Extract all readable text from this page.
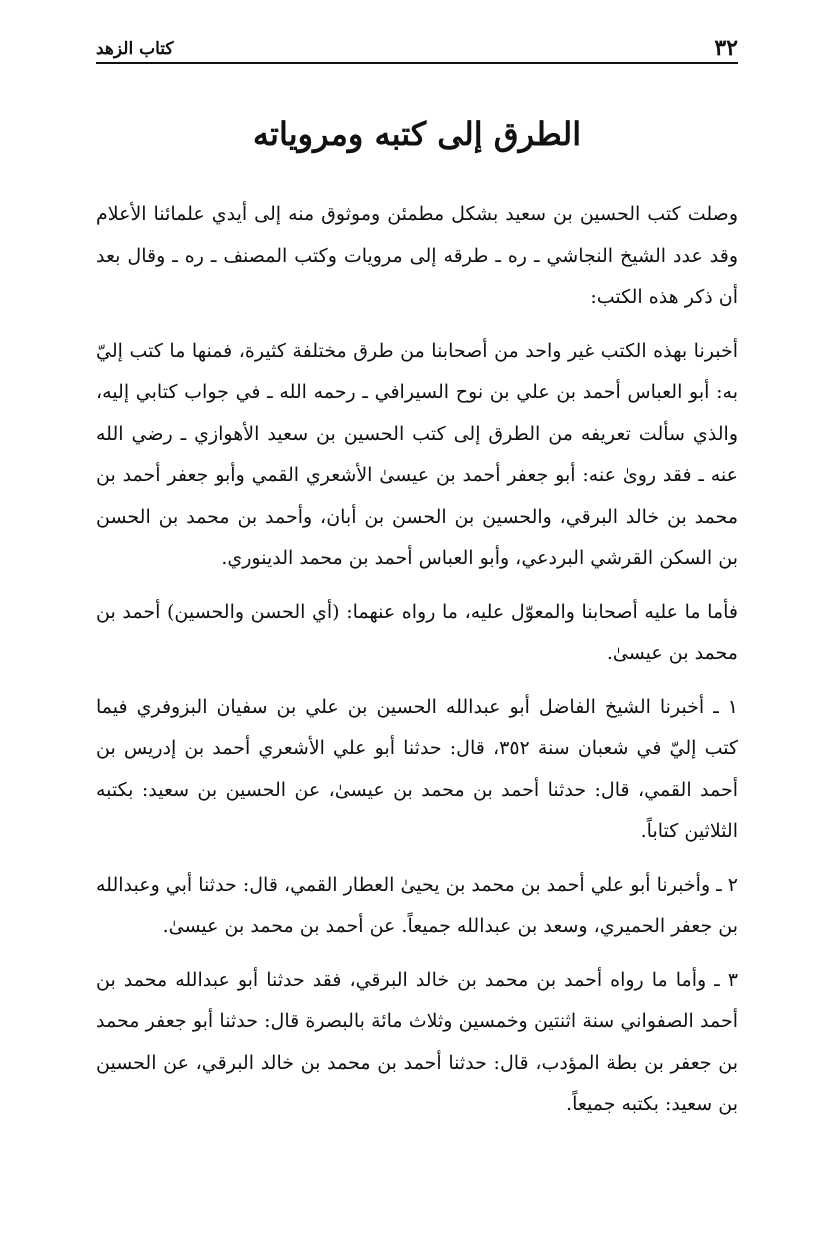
٣٢
كتاب الزهد
الطرق إلى كتبه ومروياته

وصلت كتب الحسين بن سعيد بشكل مطمئن وموثوق منه إلى أيدي علمائنا الأعلام وقد عدد الشيخ النجاشي ـ ره ـ طرقه إلى مرويات وكتب المصنف ـ ره ـ وقال بعد أن ذكر هذه الكتب:

أخبرنا بهذه الكتب غير واحد من أصحابنا من طرق مختلفة كثيرة، فمنها ما كتب إليّ به: أبو العباس أحمد بن علي بن نوح السيرافي ـ رحمه الله ـ في جواب كتابي إليه، والذي سألت تعريفه من الطرق إلى كتب الحسين بن سعيد الأهوازي ـ رضي الله عنه ـ فقد روىٰ عنه: أبو جعفر أحمد بن عيسىٰ الأشعري القمي وأبو جعفر أحمد بن محمد بن خالد البرقي، والحسين بن الحسن بن أبان، وأحمد بن محمد بن الحسن بن السكن القرشي البردعي، وأبو العباس أحمد بن محمد الدينوري.

فأما ما عليه أصحابنا والمعوّل عليه، ما رواه عنهما: (أي الحسن والحسين) أحمد بن محمد بن عيسىٰ.

١ ـ أخبرنا الشيخ الفاضل أبو عبدالله الحسين بن علي بن سفيان البزوفري فيما كتب إليّ في شعبان سنة ٣٥٢، قال: حدثنا أبو علي الأشعري أحمد بن إدريس بن أحمد القمي، قال: حدثنا أحمد بن محمد بن عيسىٰ، عن الحسين بن سعيد: بكتبه الثلاثين كتاباً.

٢ ـ وأخبرنا أبو علي أحمد بن محمد بن يحيىٰ العطار القمي، قال: حدثنا أبي وعبدالله بن جعفر الحميري، وسعد بن عبدالله جميعاً. عن أحمد بن محمد بن عيسىٰ.

٣ ـ وأما ما رواه أحمد بن محمد بن خالد البرقي، فقد حدثنا أبو عبدالله محمد بن أحمد الصفواني سنة اثنتين وخمسين وثلاث مائة بالبصرة قال: حدثنا أبو جعفر محمد بن جعفر بن بطة المؤدب، قال: حدثنا أحمد بن محمد بن خالد البرقي، عن الحسين بن سعيد: بكتبه جميعاً.
